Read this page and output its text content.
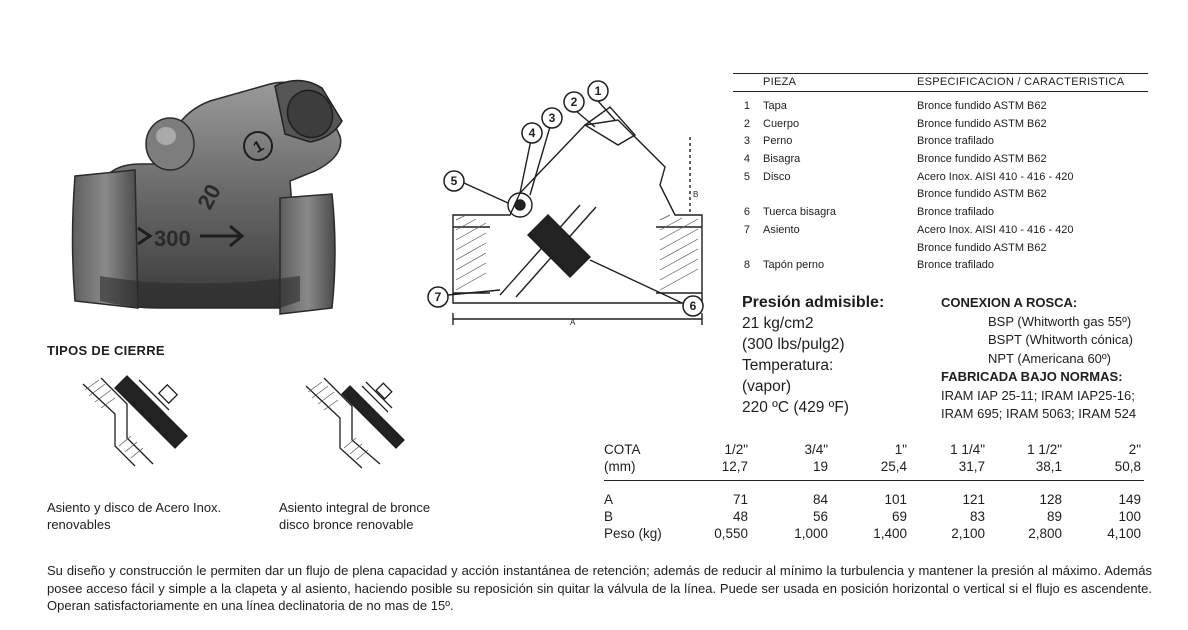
1
20
300
1
2
3
4
5
6
7
A
B
PIEZA	ESPECIFICACION / CARACTERISTICA
1 Tapa	Bronce fundido ASTM B62
2 Cuerpo	Bronce fundido ASTM B62
3 Perno	Bronce trafilado
4 Bisagra	Bronce fundido ASTM B62
5 Disco	Acero Inox. AISI 410 - 416 - 420
Bronce fundido ASTM B62
6 Tuerca bisagra	Bronce trafilado
7 Asiento	Acero Inox. AISI 410 - 416 - 420
Bronce fundido ASTM B62
8 Tapón perno	Bronce trafilado
Presión admisible:
21 kg/cm2
(300 lbs/pulg2)
Temperatura:
(vapor)
220 ºC (429 ºF)
CONEXION A ROSCA:
BSP (Whitworth gas 55º)
BSPT (Whitworth cónica)
NPT (Americana 60º)
FABRICADA BAJO NORMAS:
IRAM IAP 25-11; IRAM IAP25-16;
IRAM 695; IRAM 5063; IRAM 524
COTA	1/2"	3/4"	1"	1 1/4"	1 1/2"	2"
(mm)	12,7	19	25,4	31,7	38,1	50,8
A	71	84	101	121	128	149
B	48	56	69	83	89	100
Peso (kg)	0,550	1,000	1,400	2,100	2,800	4,100
TIPOS DE CIERRE
Asiento y disco de Acero Inox.
renovables
Asiento integral de bronce
disco bronce renovable
Su diseño y construcción le permiten dar un flujo de plena capacidad y acción instantánea de retención; además de reducir al mínimo la turbulencia y mantener la presión al máximo. Además posee acceso fácil y simple a la clapeta y al asiento, haciendo posible su reposición sin quitar la válvula de la línea. Puede ser usada en posición horizontal o vertical si el flujo es ascendente. Operan satisfactoriamente en una línea declinatoria de no mas de 15º.
